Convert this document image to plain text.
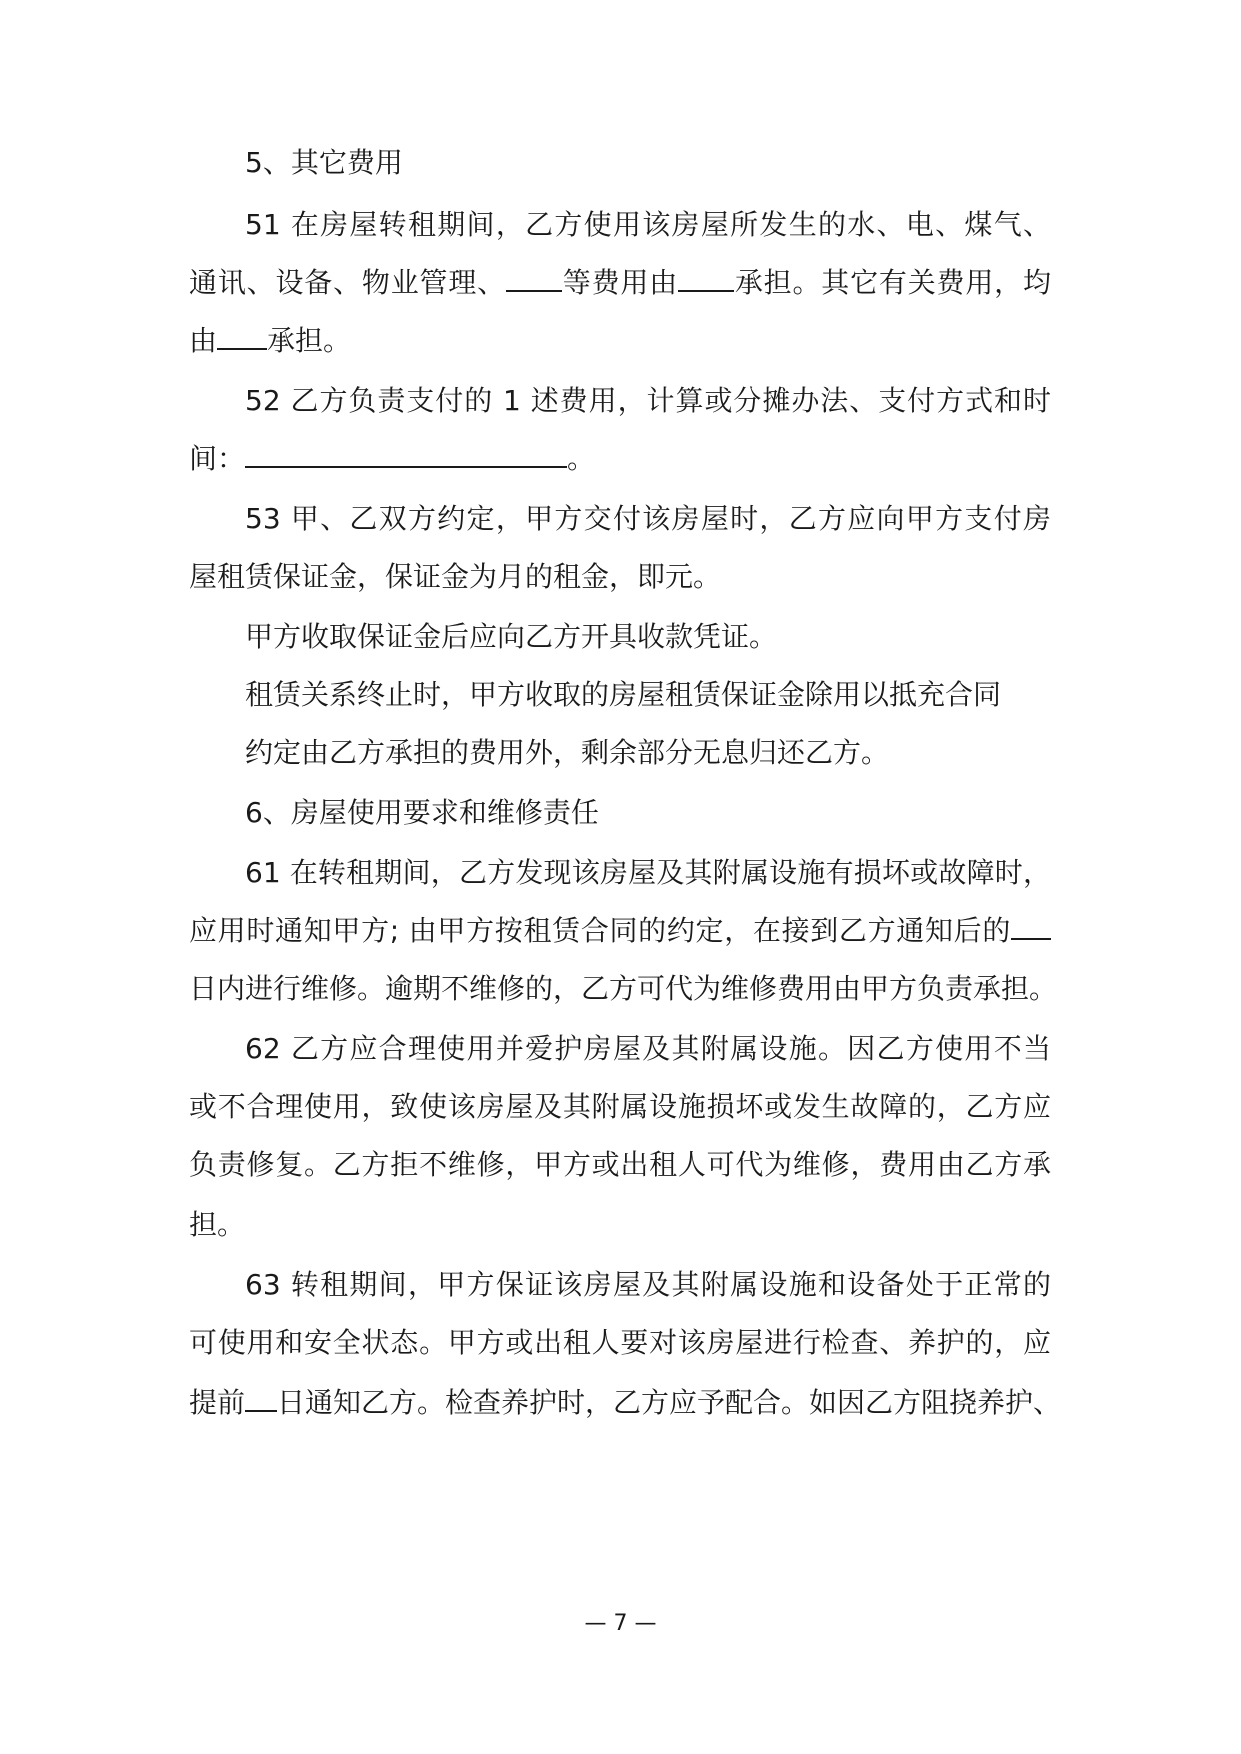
5、其它费用
51 在房屋转租期间，乙方使用该房屋所发生的水、电、煤气、
通讯、设备、物业管理、 等费用由 承担。其它有关费用，均
由 承担。
52 乙方负责支付的 1 述费用，计算或分摊办法、支付方式和时
间：	。
53 甲、乙双方约定，甲方交付该房屋时，乙方应向甲方支付房
屋租赁保证金，保证金为月的租金，即元。
甲方收取保证金后应向乙方开具收款凭证。
租赁关系终止时，甲方收取的房屋租赁保证金除用以抵充合同
约定由乙方承担的费用外，剩余部分无息归还乙方。
6、房屋使用要求和维修责任
61 在转租期间，乙方发现该房屋及其附属设施有损坏或故障时，
应用时通知甲方; 由甲方按租赁合同的约定，在接到乙方通知后的
日内进行维修。逾期不维修的，乙方可代为维修费用由甲方负责承担。
62 乙方应合理使用并爱护房屋及其附属设施。因乙方使用不当
或不合理使用，致使该房屋及其附属设施损坏或发生故障的，乙方应
负责修复。乙方拒不维修，甲方或出租人可代为维修，费用由乙方承
担。
63 转租期间，甲方保证该房屋及其附属设施和设备处于正常的
可使用和安全状态。甲方或出租人要对该房屋进行检查、养护的，应
提前 日通知乙方。检查养护时，乙方应予配合。如因乙方阻挠养护、
— 7 —
